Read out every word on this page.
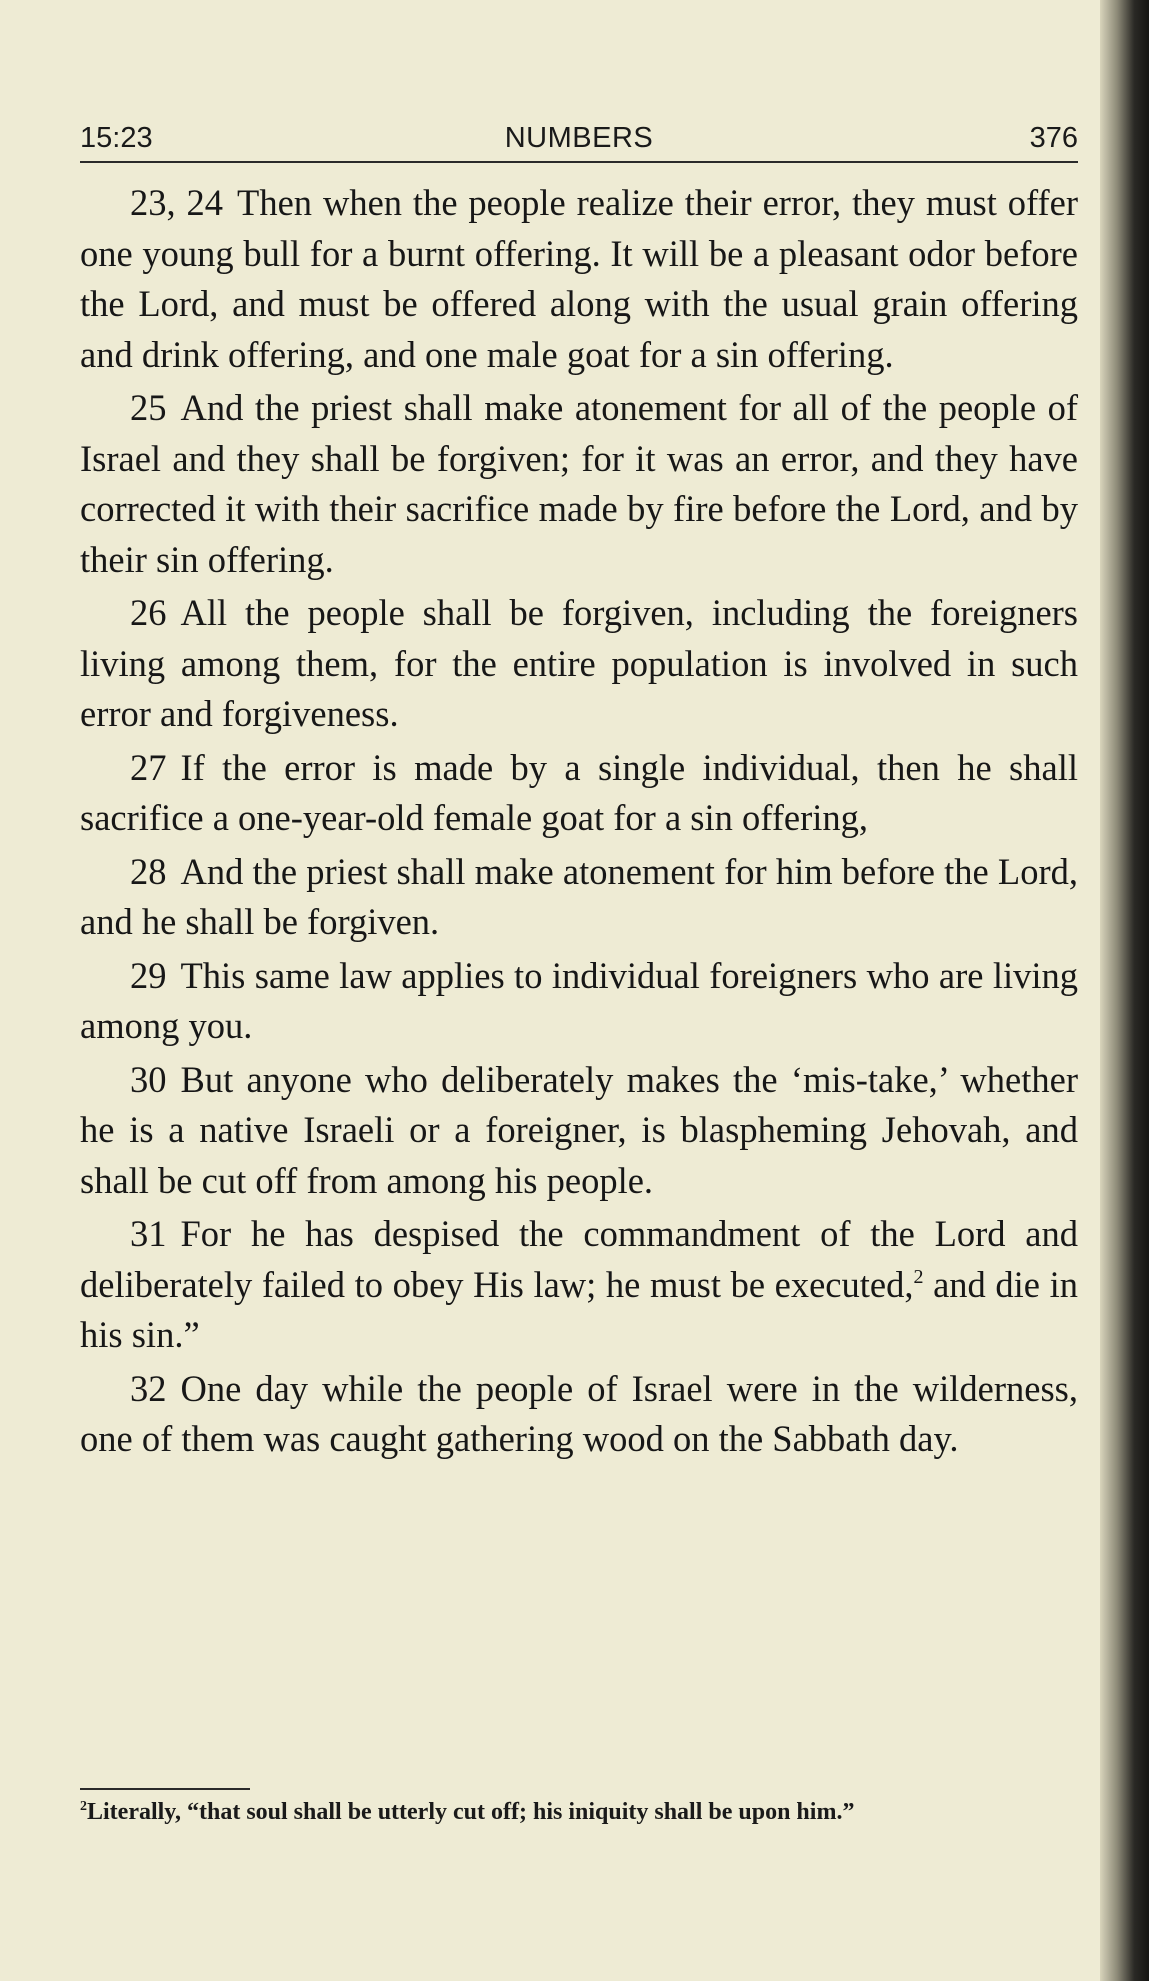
15:23	NUMBERS	376

23, 24 Then when the people realize their error, they must offer one young bull for a burnt offering. It will be a pleasant odor before the Lord, and must be offered along with the usual grain offering and drink offering, and one male goat for a sin offering.

25 And the priest shall make atonement for all of the people of Israel and they shall be forgiven; for it was an error, and they have corrected it with their sacrifice made by fire before the Lord, and by their sin offering.

26 All the people shall be forgiven, including the foreigners living among them, for the entire population is involved in such error and forgiveness.

27 If the error is made by a single individual, then he shall sacrifice a one-year-old female goat for a sin offering,

28 And the priest shall make atonement for him before the Lord, and he shall be forgiven.

29 This same law applies to individual foreigners who are living among you.

30 But anyone who deliberately makes the ‘mis-take,’ whether he is a native Israeli or a foreigner, is blaspheming Jehovah, and shall be cut off from among his people.

31 For he has despised the commandment of the Lord and deliberately failed to obey His law; he must be executed,$^2$ and die in his sin.”

32 One day while the people of Israel were in the wilderness, one of them was caught gathering wood on the Sabbath day.

$^2$Literally, “that soul shall be utterly cut off; his iniquity shall be upon him.”
